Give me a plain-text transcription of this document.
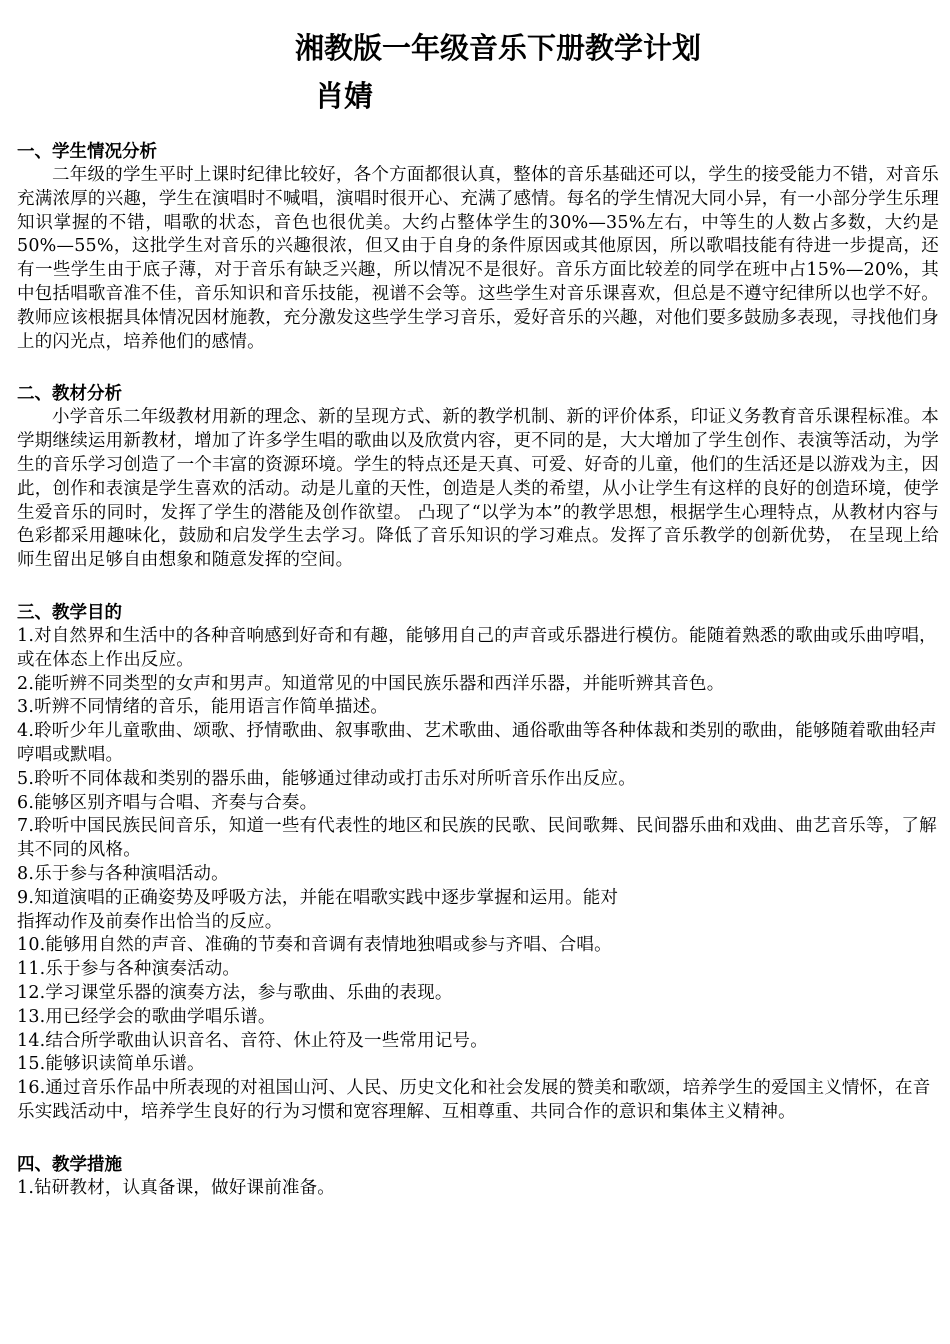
湘教版一年级音乐下册教学计划
肖婧
一、学生情况分析

二年级的学生平时上课时纪律比较好，各个方面都很认真，整体的音乐基础还可以，学生的接受能力不错，对音乐充满浓厚的兴趣，学生在演唱时不喊唱，演唱时很开心、充满了感情。每名的学生情况大同小异，有一小部分学生乐理知识掌握的不错，唱歌的状态，音色也很优美。大约占整体学生的30%—35%左右，中等生的人数占多数，大约是50%—55%，这批学生对音乐的兴趣很浓，但又由于自身的条件原因或其他原因，所以歌唱技能有待进一步提高，还有一些学生由于底子薄，对于音乐有缺乏兴趣，所以情况不是很好。音乐方面比较差的同学在班中占15%—20%，其中包括唱歌音准不佳，音乐知识和音乐技能，视谱不会等。这些学生对音乐课喜欢，但总是不遵守纪律所以也学不好。教师应该根据具体情况因材施教，充分激发这些学生学习音乐，爱好音乐的兴趣，对他们要多鼓励多表现，寻找他们身上的闪光点，培养他们的感情。

二、教材分析

小学音乐二年级教材用新的理念、新的呈现方式、新的教学机制、新的评价体系，印证义务教育音乐课程标准。本学期继续运用新教材，增加了许多学生唱的歌曲以及欣赏内容，更不同的是，大大增加了学生创作、表演等活动，为学生的音乐学习创造了一个丰富的资源环境。学生的特点还是天真、可爱、好奇的儿童，他们的生活还是以游戏为主，因此，创作和表演是学生喜欢的活动。动是儿童的天性，创造是人类的希望，从小让学生有这样的良好的创造环境，使学生爱音乐的同时，发挥了学生的潜能及创作欲望。 凸现了“以学为本”的教学思想，根据学生心理特点，从教材内容与色彩都采用趣味化，鼓励和启发学生去学习。降低了音乐知识的学习难点。发挥了音乐教学的创新优势， 在呈现上给师生留出足够自由想象和随意发挥的空间。

三、教学目的

1.对自然界和生活中的各种音响感到好奇和有趣，能够用自己的声音或乐器进行模仿。能随着熟悉的歌曲或乐曲哼唱，或在体态上作出反应。

2.能听辨不同类型的女声和男声。知道常见的中国民族乐器和西洋乐器，并能听辨其音色。

3.听辨不同情绪的音乐，能用语言作简单描述。

4.聆听少年儿童歌曲、颂歌、抒情歌曲、叙事歌曲、艺术歌曲、通俗歌曲等各种体裁和类别的歌曲，能够随着歌曲轻声哼唱或默唱。

5.聆听不同体裁和类别的器乐曲，能够通过律动或打击乐对所听音乐作出反应。

6.能够区别齐唱与合唱、齐奏与合奏。

7.聆听中国民族民间音乐，知道一些有代表性的地区和民族的民歌、民间歌舞、民间器乐曲和戏曲、曲艺音乐等，了解其不同的风格。

8.乐于参与各种演唱活动。

9.知道演唱的正确姿势及呼吸方法，并能在唱歌实践中逐步掌握和运用。能对

指挥动作及前奏作出恰当的反应。

10.能够用自然的声音、准确的节奏和音调有表情地独唱或参与齐唱、合唱。

11.乐于参与各种演奏活动。

12.学习课堂乐器的演奏方法，参与歌曲、乐曲的表现。

13.用已经学会的歌曲学唱乐谱。

14.结合所学歌曲认识音名、音符、休止符及一些常用记号。

15.能够识读简单乐谱。

16.通过音乐作品中所表现的对祖国山河、人民、历史文化和社会发展的赞美和歌颂，培养学生的爱国主义情怀，在音乐实践活动中，培养学生良好的行为习惯和宽容理解、互相尊重、共同合作的意识和集体主义精神。

四、教学措施

1.钻研教材，认真备课，做好课前准备。
